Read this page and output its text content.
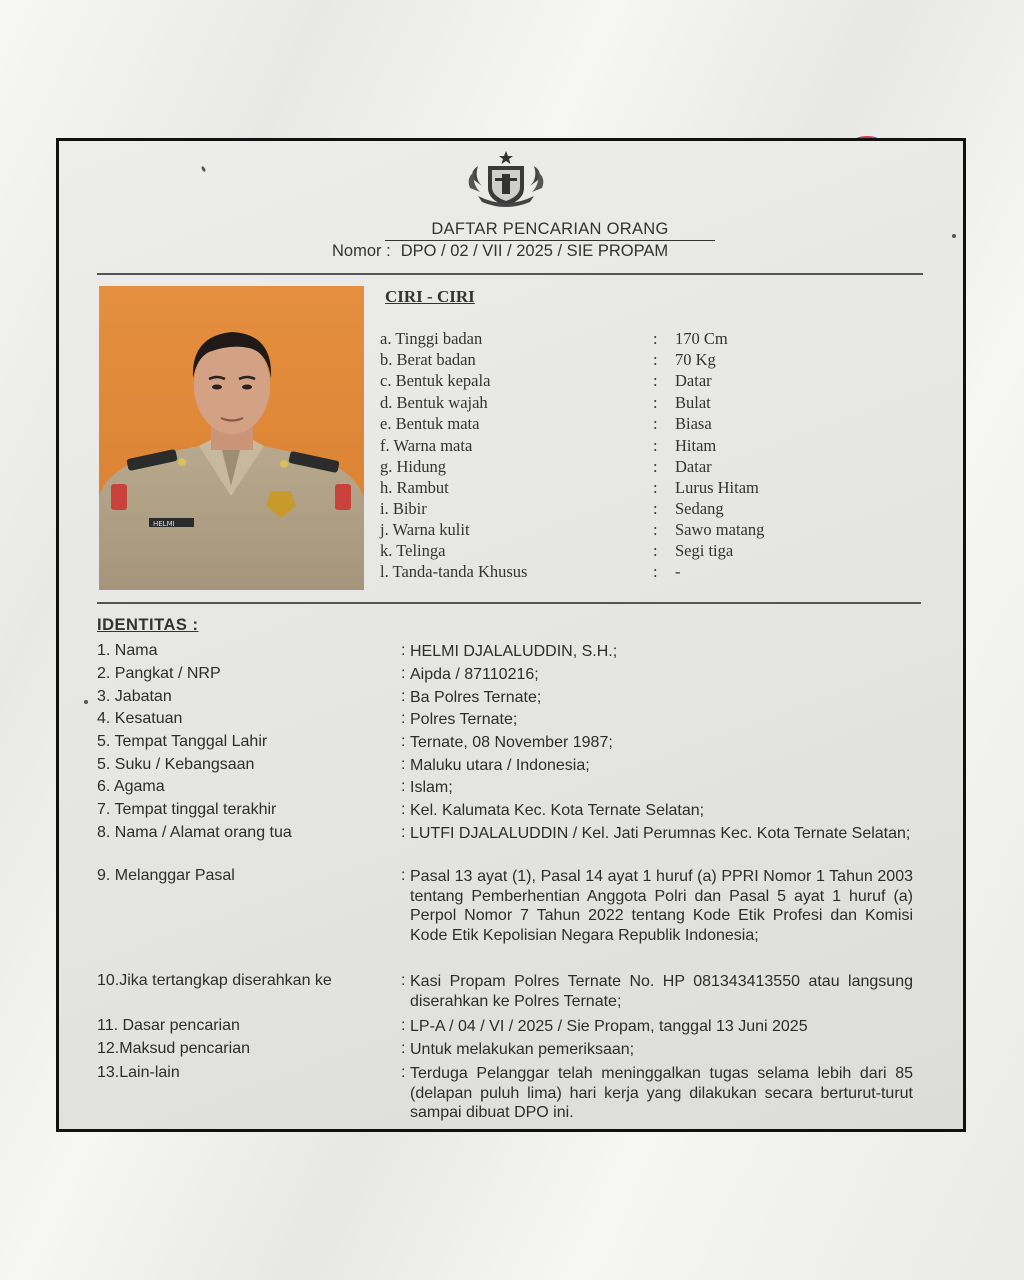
DAFTAR PENCARIAN ORANG
Nomor : DPO / 02 / VII / 2025 / SIE PROPAM
HELMI
CIRI - CIRI
a. Tinggi badan	: 170 Cm
b. Berat badan	: 70 Kg
c. Bentuk kepala	: Datar
d. Bentuk wajah	: Bulat
e. Bentuk mata	: Biasa
f. Warna mata	: Hitam
g. Hidung	: Datar
h. Rambut	: Lurus Hitam
i. Bibir	: Sedang
j. Warna kulit	: Sawo matang
k. Telinga	: Segi tiga
l. Tanda-tanda Khusus	: -
IDENTITAS :
1. Nama	: HELMI DJALALUDDIN, S.H.;
2. Pangkat / NRP	: Aipda / 87110216;
3. Jabatan	: Ba Polres Ternate;
4. Kesatuan	: Polres Ternate;
5. Tempat Tanggal Lahir	: Ternate, 08 November 1987;
5. Suku / Kebangsaan	: Maluku utara / Indonesia;
6. Agama	: Islam;
7. Tempat tinggal terakhir	: Kel. Kalumata Kec. Kota Ternate Selatan;
8. Nama / Alamat orang tua	: LUTFI DJALALUDDIN / Kel. Jati Perumnas Kec. Kota Ternate Selatan;
9. Melanggar Pasal	: Pasal 13 ayat (1), Pasal 14 ayat 1 huruf (a) PPRI Nomor 1 Tahun 2003 tentang Pemberhentian Anggota Polri dan Pasal 5 ayat 1 huruf (a) Perpol Nomor 7 Tahun 2022 tentang Kode Etik Profesi dan Komisi Kode Etik Kepolisian Negara Republik Indonesia;
10.Jika tertangkap diserahkan ke	: Kasi Propam Polres Ternate No. HP 081343413550 atau langsung diserahkan ke Polres Ternate;
11. Dasar pencarian	: LP-A / 04 / VI / 2025 / Sie Propam, tanggal 13 Juni 2025
12.Maksud pencarian	: Untuk melakukan pemeriksaan;
13.Lain-lain	: Terduga Pelanggar telah meninggalkan tugas selama lebih dari 85 (delapan puluh lima) hari kerja yang dilakukan secara berturut-turut sampai dibuat DPO ini.
